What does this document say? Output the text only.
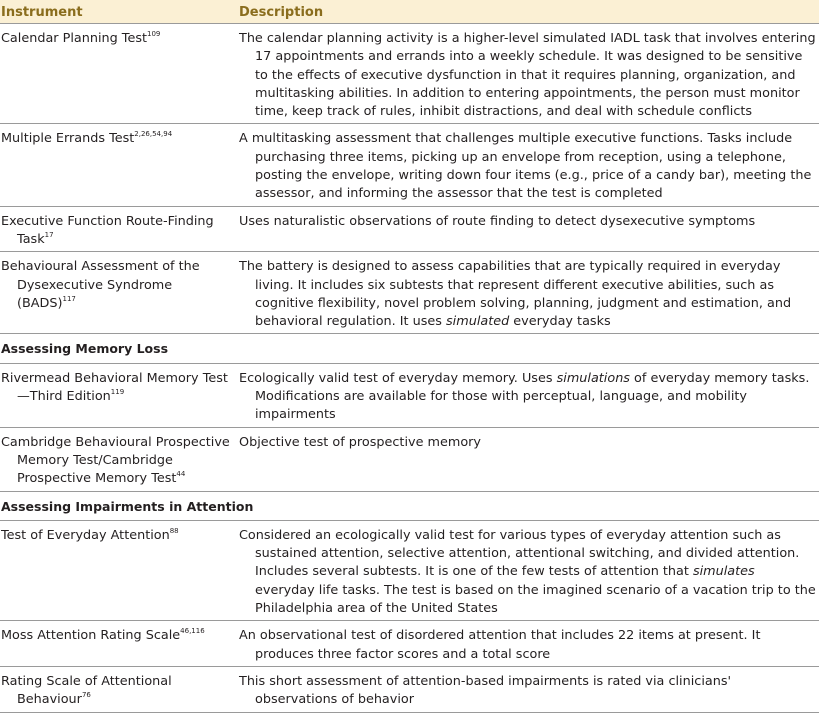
Instrument	Description

Calendar Planning Test$^{109}$	The calendar planning activity is a higher-level simulated IADL task that involves entering 17 appointments and errands into a weekly schedule. It was designed to be sensitive to the effects of executive dysfunction in that it requires planning, organization, and multitasking abilities. In addition to entering appointments, the person must monitor time, keep track of rules, inhibit distractions, and deal with schedule conflicts

Multiple Errands Test$^{2,26,54,94}$	A multitasking assessment that challenges multiple executive functions. Tasks include purchasing three items, picking up an envelope from reception, using a telephone, posting the envelope, writing down four items (e.g., price of a candy bar), meeting the assessor, and informing the assessor that the test is completed

Executive Function Route-Finding Task$^{17}$	Uses naturalistic observations of route finding to detect dysexecutive symptoms

Behavioural Assessment of the Dysexecutive Syndrome (BADS)$^{117}$	The battery is designed to assess capabilities that are typically required in everyday living. It includes six subtests that represent different executive abilities, such as cognitive flexibility, novel problem solving, planning, judgment and estimation, and behavioral regulation. It uses simulated everyday tasks

Assessing Memory Loss	

Rivermead Behavioral Memory Test—Third Edition$^{119}$	Ecologically valid test of everyday memory. Uses simulations of everyday memory tasks. Modifications are available for those with perceptual, language, and mobility impairments

Cambridge Behavioural Prospective Memory Test/Cambridge Prospective Memory Test$^{44}$	Objective test of prospective memory

Assessing Impairments in Attention	

Test of Everyday Attention$^{88}$	Considered an ecologically valid test for various types of everyday attention such as sustained attention, selective attention, attentional switching, and divided attention. Includes several subtests. It is one of the few tests of attention that simulates everyday life tasks. The test is based on the imagined scenario of a vacation trip to the Philadelphia area of the United States

Moss Attention Rating Scale$^{46,116}$	An observational test of disordered attention that includes 22 items at present. It produces three factor scores and a total score

Rating Scale of Attentional Behaviour$^{76}$	This short assessment of attention-based impairments is rated via clinicians' observations of behavior
